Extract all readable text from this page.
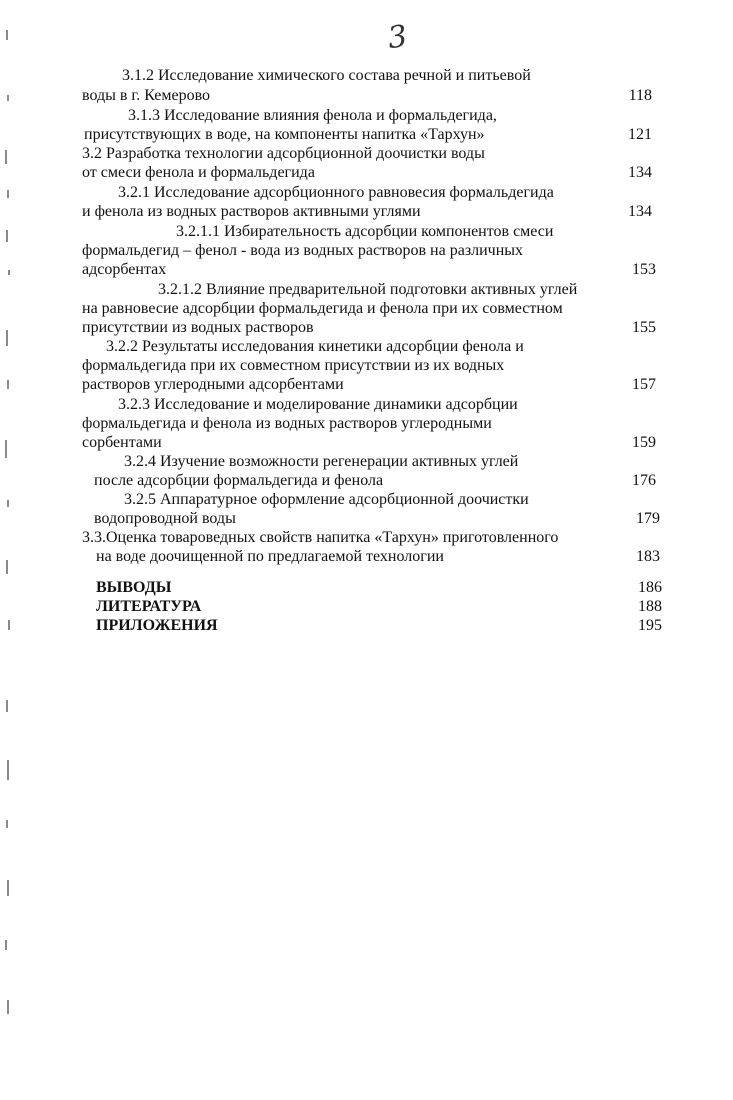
3
3.1.2 Исследование химического состава речной и питьевой
воды в г. Кемерово	118
3.1.3 Исследование влияния фенола и формальдегида,
присутствующих в воде, на компоненты напитка «Тархун»	121
3.2 Разработка технологии адсорбционной доочистки воды
от смеси фенола и формальдегида	134
3.2.1 Исследование адсорбционного равновесия формальдегида
и фенола из водных растворов активными углями	134
3.2.1.1 Избирательность адсорбции компонентов смеси
формальдегид – фенол - вода из водных растворов на различных
адсорбентах	153
3.2.1.2 Влияние предварительной подготовки активных углей
на равновесие адсорбции формальдегида и фенола при их совместном
присутствии из водных растворов	155
3.2.2 Результаты исследования кинетики адсорбции фенола и
формальдегида при их совместном присутствии из их водных
растворов углеродными адсорбентами	157
3.2.3 Исследование и моделирование динамики адсорбции
формальдегида и фенола из водных растворов углеродными
сорбентами	159
3.2.4 Изучение возможности регенерации активных углей
после адсорбции формальдегида и фенола	176
3.2.5 Аппаратурное оформление адсорбционной доочистки
водопроводной воды	179
3.3.Оценка товароведных свойств напитка «Тархун» приготовленного
на воде доочищенной по предлагаемой технологии	183
ВЫВОДЫ	186
ЛИТЕРАТУРА	188
ПРИЛОЖЕНИЯ	195
